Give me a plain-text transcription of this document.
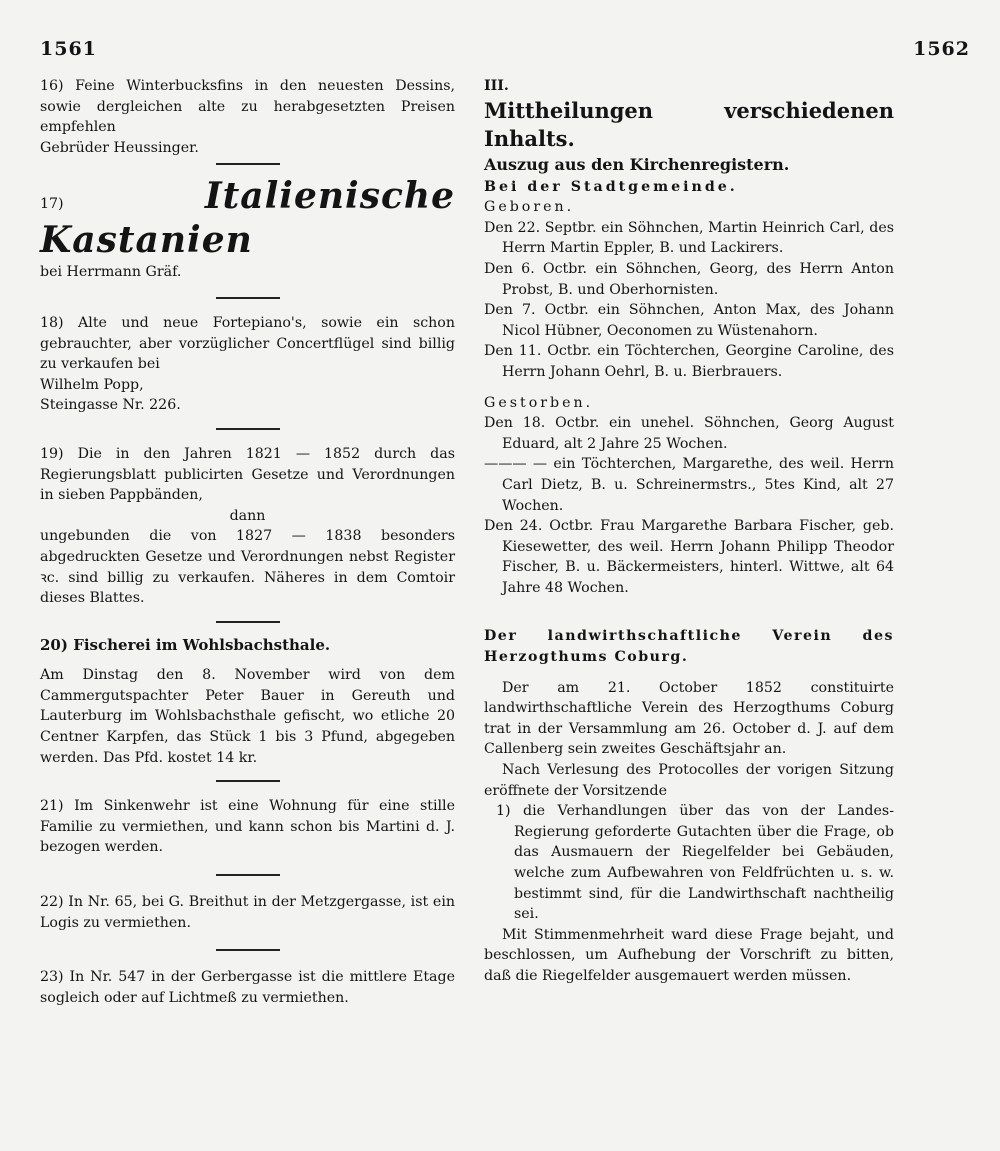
1561	1562

16) Feine Winterbucksfins in den neuesten Dessins, sowie dergleichen alte zu herabgesetzten Preisen empfehlen

Gebrüder Heussinger.

17)	Italienische Kastanien

bei Herrmann Gräf.

18) Alte und neue Fortepiano's, sowie ein schon gebrauchter, aber vorzüglicher Concertflügel sind billig zu verkaufen bei

Wilhelm Popp,

Steingasse Nr. 226.

19) Die in den Jahren 1821 — 1852 durch das Regierungsblatt publicirten Gesetze und Verordnungen in sieben Pappbänden,

dann

ungebunden die von 1827 — 1838 besonders abgedruckten Gesetze und Verordnungen nebst Register ꝛc. sind billig zu verkaufen. Näheres in dem Comtoir dieses Blattes.

20) Fischerei im Wohlsbachsthale.

Am Dinstag den 8. November wird von dem Cammergutspachter Peter Bauer in Gereuth und Lauterburg im Wohlsbachsthale gefischt, wo etliche 20 Centner Karpfen, das Stück 1 bis 3 Pfund, abgegeben werden. Das Pfd. kostet 14 kr.

21) Im Sinkenwehr ist eine Wohnung für eine stille Familie zu vermiethen, und kann schon bis Martini d. J. bezogen werden.

22) In Nr. 65, bei G. Breithut in der Metzgergasse, ist ein Logis zu vermiethen.

23) In Nr. 547 in der Gerbergasse ist die mittlere Etage sogleich oder auf Lichtmeß zu vermiethen.

III.

Mittheilungen verschiedenen Inhalts.

Auszug aus den Kirchenregistern.

Bei der Stadtgemeinde.

Geboren.

Den 22. Septbr. ein Söhnchen, Martin Heinrich Carl, des Herrn Martin Eppler, B. und Lackirers.

Den 6. Octbr. ein Söhnchen, Georg, des Herrn Anton Probst, B. und Oberhornisten.

Den 7. Octbr. ein Söhnchen, Anton Max, des Johann Nicol Hübner, Oeconomen zu Wüstenahorn.

Den 11. Octbr. ein Töchterchen, Georgine Caroline, des Herrn Johann Oehrl, B. u. Bierbrauers.

Gestorben.

Den 18. Octbr. ein unehel. Söhnchen, Georg August Eduard, alt 2 Jahre 25 Wochen.

——— — ein Töchterchen, Margarethe, des weil. Herrn Carl Dietz, B. u. Schreinermstrs., 5tes Kind, alt 27 Wochen.

Den 24. Octbr. Frau Margarethe Barbara Fischer, geb. Kiesewetter, des weil. Herrn Johann Philipp Theodor Fischer, B. u. Bäckermeisters, hinterl. Wittwe, alt 64 Jahre 48 Wochen.

Der landwirthschaftliche Verein des Herzogthums Coburg.

Der am 21. October 1852 constituirte landwirthschaftliche Verein des Herzogthums Coburg trat in der Versammlung am 26. October d. J. auf dem Callenberg sein zweites Geschäftsjahr an.

Nach Verlesung des Protocolles der vorigen Sitzung eröffnete der Vorsitzende

1) die Verhandlungen über das von der Landes-Regierung geforderte Gutachten über die Frage, ob das Ausmauern der Riegelfelder bei Gebäuden, welche zum Aufbewahren von Feldfrüchten u. s. w. bestimmt sind, für die Landwirthschaft nachtheilig sei.

Mit Stimmenmehrheit ward diese Frage bejaht, und beschlossen, um Aufhebung der Vorschrift zu bitten, daß die Riegelfelder ausgemauert werden müssen.
